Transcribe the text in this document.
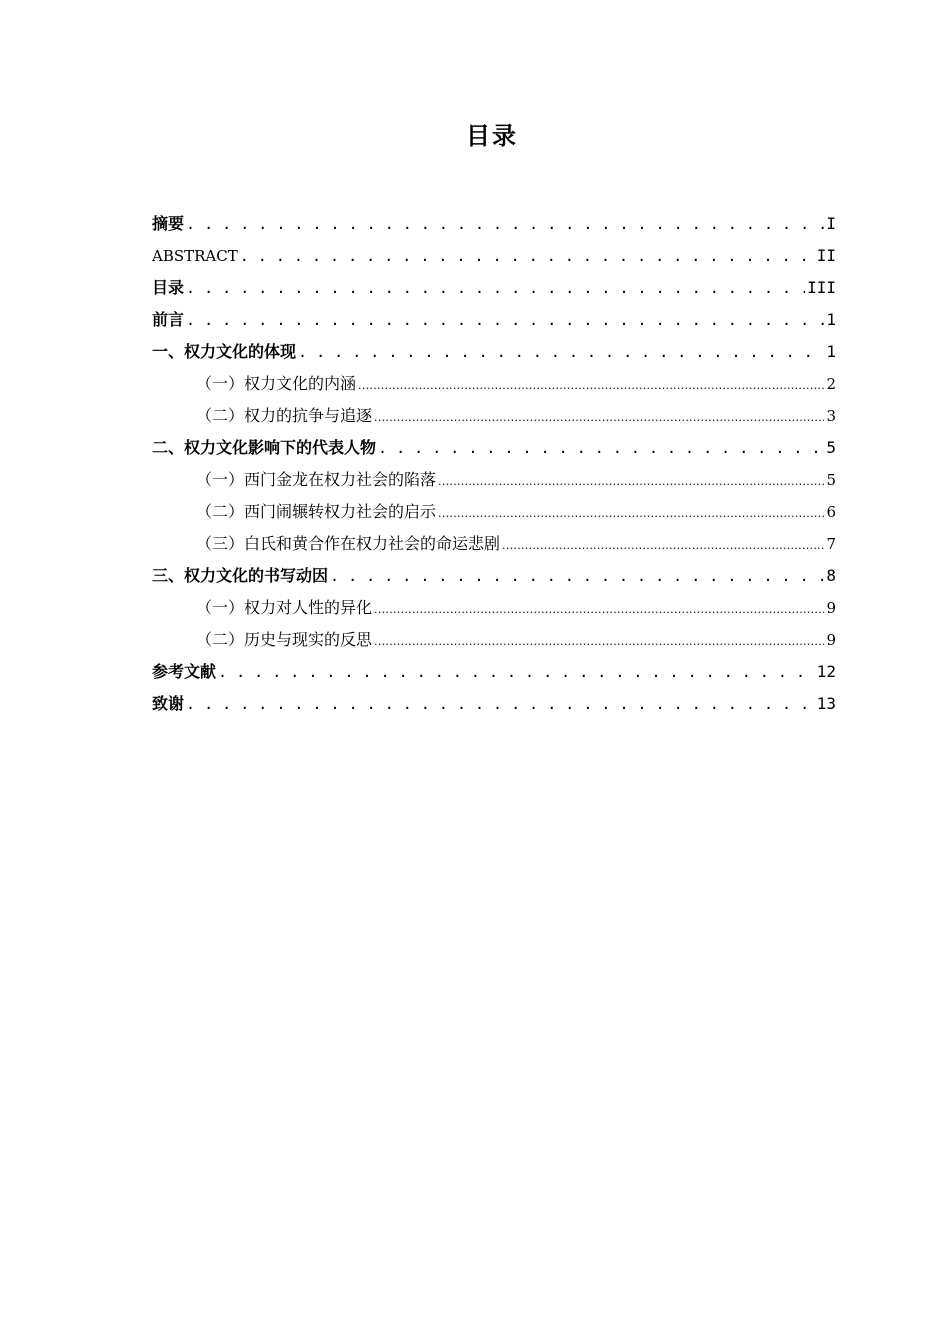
目录
摘要 . . .	I
ABSTRACT . . .	II
目录 . . .	III
前言 . . .	1
一、权力文化的体现 . . .	1
（一）权力文化的内涵 .....	2
（二）权力的抗争与追逐 .....	3
二、权力文化影响下的代表人物 . . .	5
（一）西门金龙在权力社会的陷落 .....	5
（二）西门闹辗转权力社会的启示 .....	6
（三）白氏和黄合作在权力社会的命运悲剧 .....	7
三、权力文化的书写动因 . . .	8
（一）权力对人性的异化 .....	9
（二）历史与现实的反思 .....	9
参考文献 . . .	12
致谢 . . .	13
